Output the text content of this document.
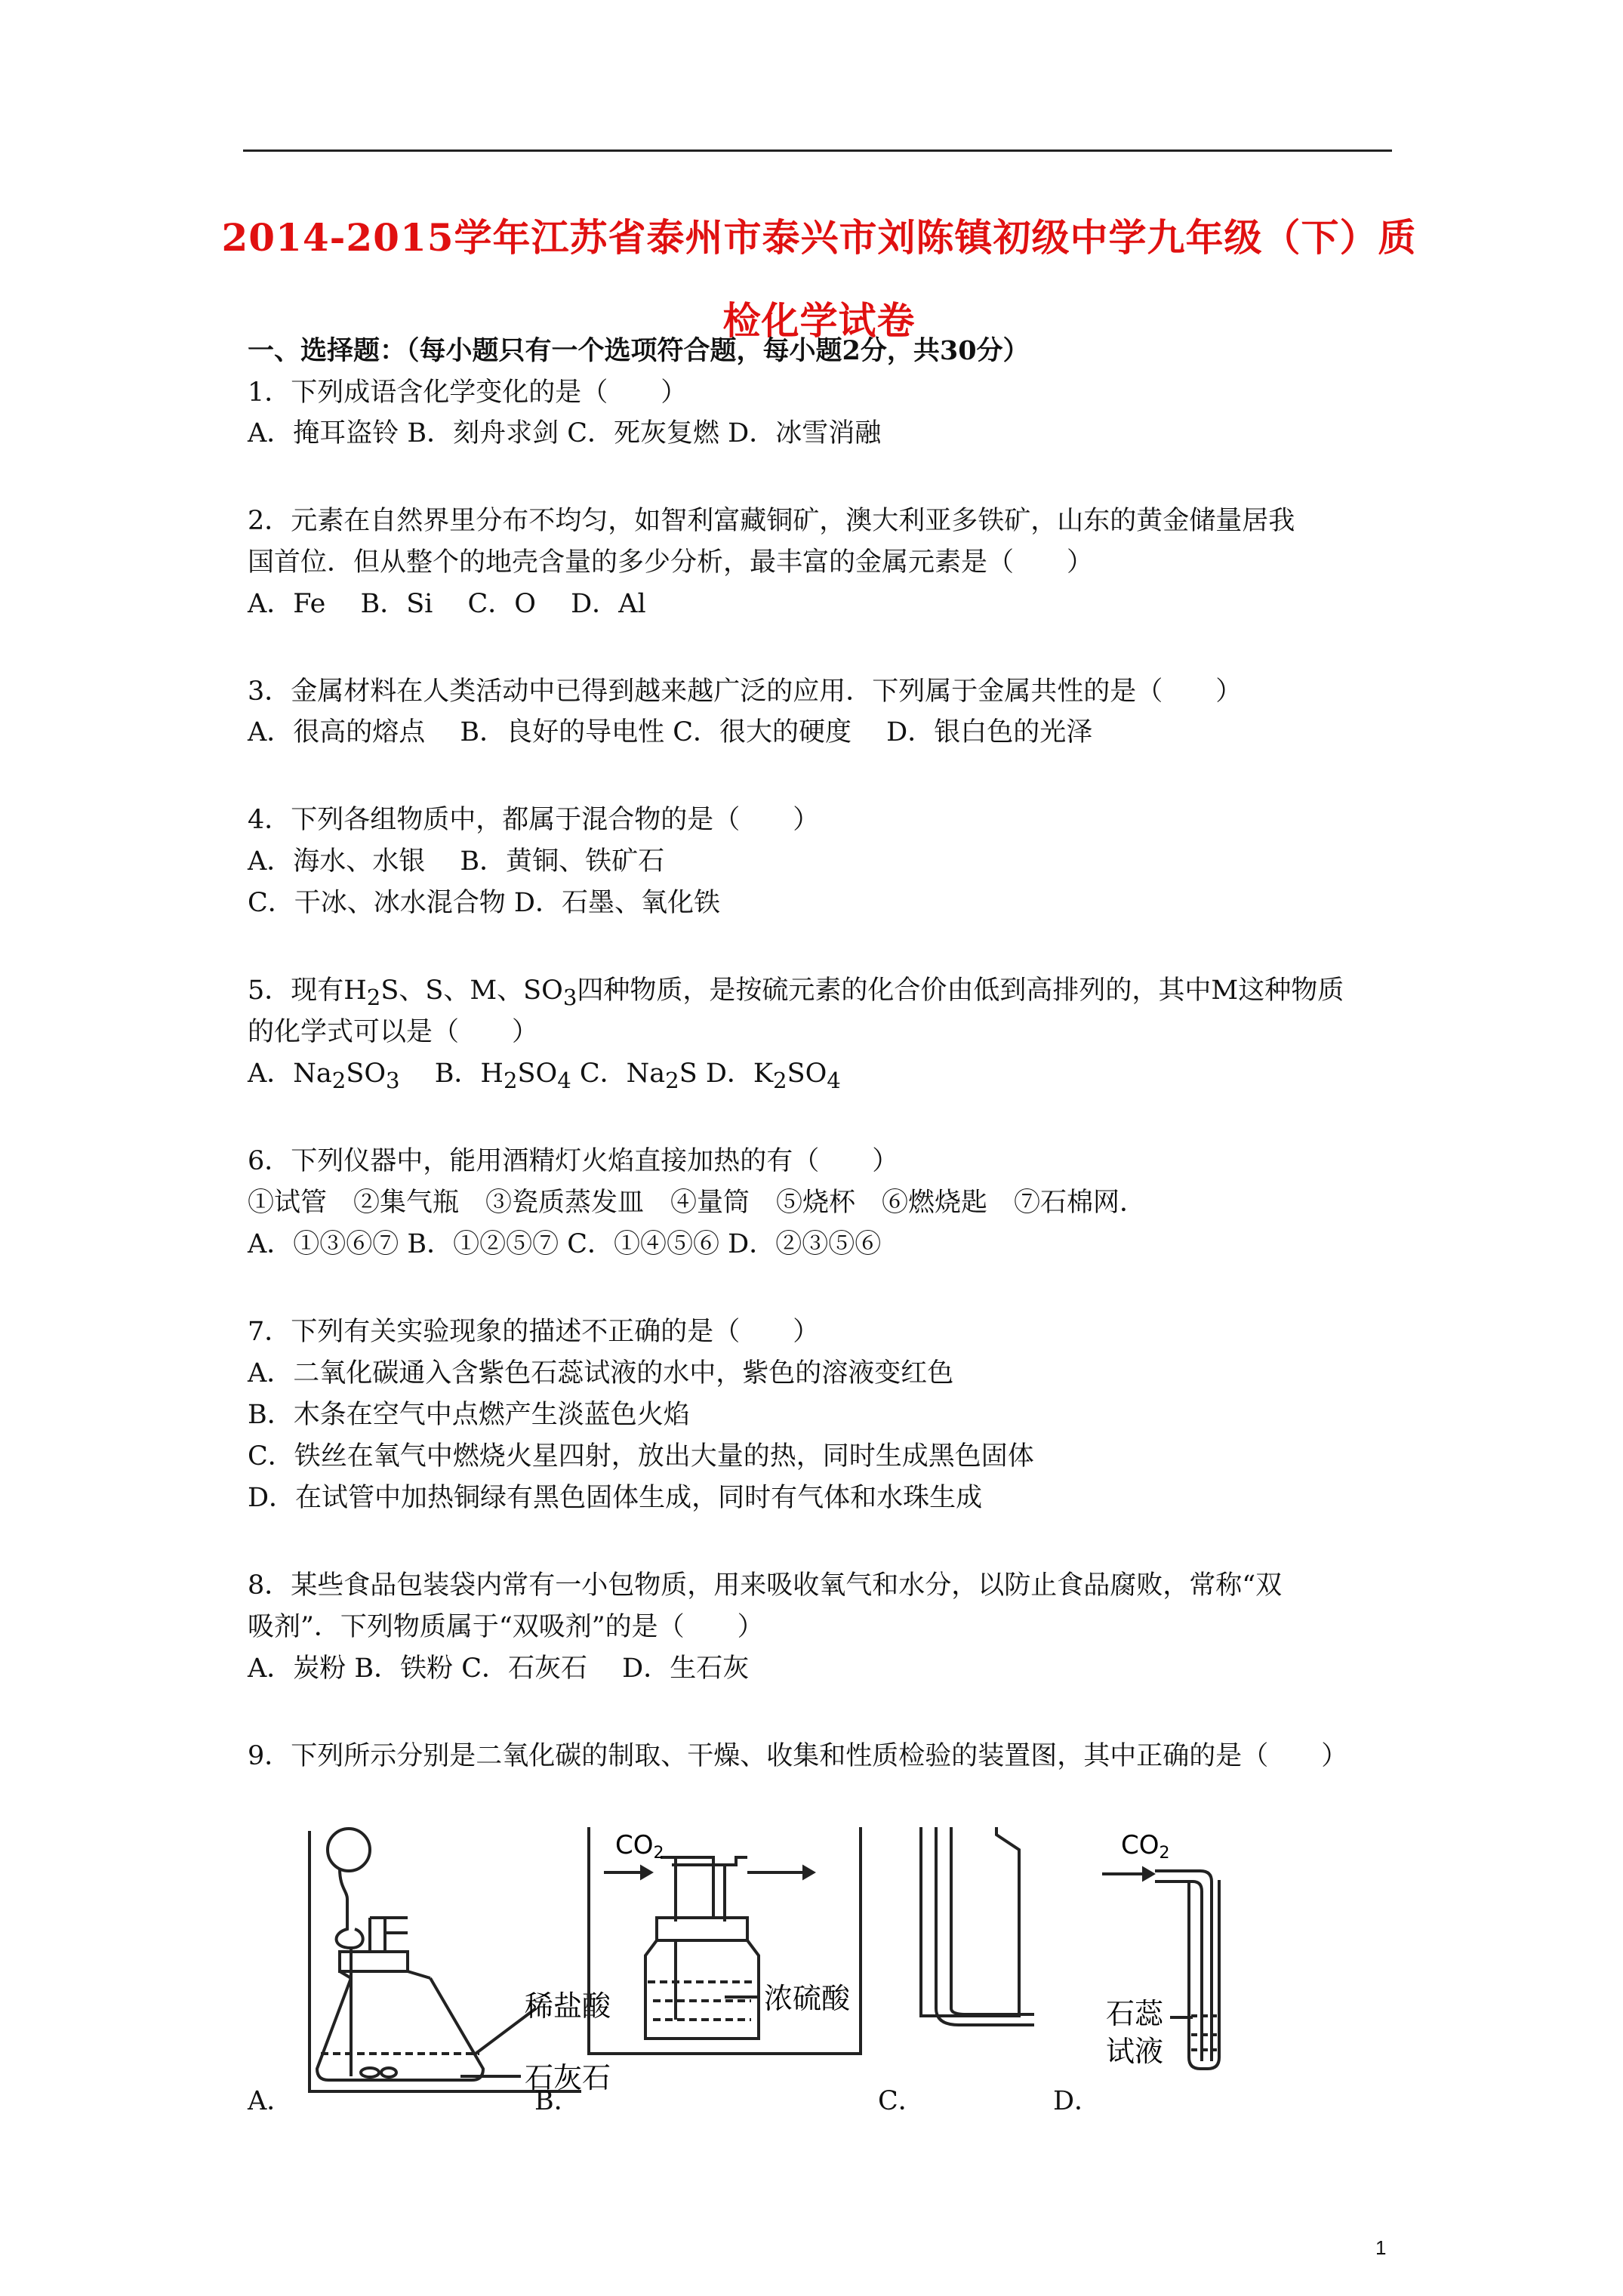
2014-2015学年江苏省泰州市泰兴市刘陈镇初级中学九年级（下）质
检化学试卷
一、选择题：（每小题只有一个选项符合题，每小题2分，共30分）
1．下列成语含化学变化的是（　　）
A．掩耳盗铃 B．刻舟求剑 C．死灰复燃 D．冰雪消融
2．元素在自然界里分布不均匀，如智利富藏铜矿，澳大利亚多铁矿，山东的黄金储量居我
国首位．但从整个的地壳含量的多少分析，最丰富的金属元素是（　　）
A．Fe　 B．Si　 C．O　 D．Al
3．金属材料在人类活动中已得到越来越广泛的应用．下列属于金属共性的是（　　）
A．很高的熔点　 B．良好的导电性 C．很大的硬度　 D．银白色的光泽
4．下列各组物质中，都属于混合物的是（　　）
A．海水、水银　 B．黄铜、铁矿石
C．干冰、冰水混合物 D．石墨、氧化铁
5．现有$H_2S$、S、M、$SO_3$四种物质，是按硫元素的化合价由低到高排列的，其中M这种物质
的化学式可以是（　　）
A．$Na_2SO_3$　 B．$H_2SO_4$ C．$Na_2S$ D．$K_2SO_4$
6．下列仪器中，能用酒精灯火焰直接加热的有（　　）
①试管　②集气瓶　③瓷质蒸发皿　④量筒　⑤烧杯　⑥燃烧匙　⑦石棉网．
A．①③⑥⑦ B．①②⑤⑦ C．①④⑤⑥ D．②③⑤⑥
7．下列有关实验现象的描述不正确的是（　　）
A．二氧化碳通入含紫色石蕊试液的水中，紫色的溶液变红色
B．木条在空气中点燃产生淡蓝色火焰
C．铁丝在氧气中燃烧火星四射，放出大量的热，同时生成黑色固体
D．在试管中加热铜绿有黑色固体生成，同时有气体和水珠生成
8．某些食品包装袋内常有一小包物质，用来吸收氧气和水分，以防止食品腐败，常称“双
吸剂”．下列物质属于“双吸剂”的是（　　）
A．炭粉 B．铁粉 C．石灰石　 D．生石灰
9．下列所示分别是二氧化碳的制取、干燥、收集和性质检验的装置图，其中正确的是（　　）
稀盐酸
石灰石
CO2
浓硫酸
CO2
石蕊
试液
A．	B．	C．	D．
1
